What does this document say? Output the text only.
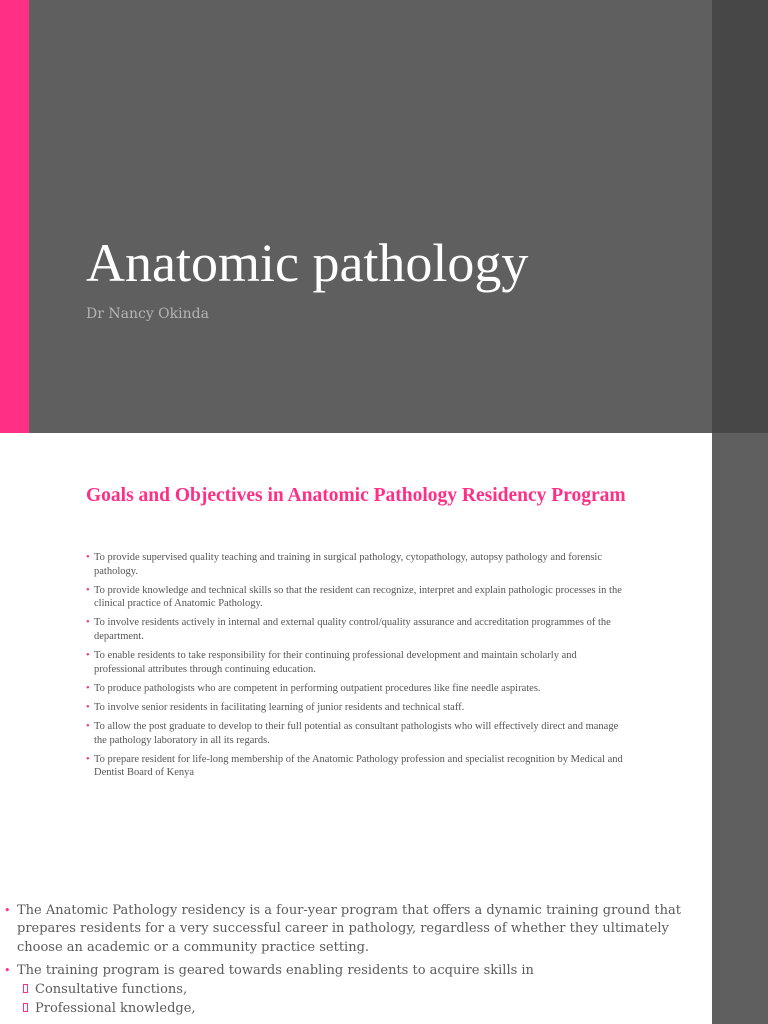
Anatomic pathology
Dr Nancy Okinda
Goals and Objectives in Anatomic Pathology Residency Program
• To provide supervised quality teaching and training in surgical pathology, cytopathology, autopsy pathology and forensic pathology.
• To provide knowledge and technical skills so that the resident can recognize, interpret and explain pathologic processes in the clinical practice of Anatomic Pathology.
• To involve residents actively in internal and external quality control/quality assurance and accreditation programmes of the department.
• To enable residents to take responsibility for their continuing professional development and maintain scholarly and professional attributes through continuing education.
• To produce pathologists who are competent in performing outpatient procedures like fine needle aspirates.
• To involve senior residents in facilitating learning of junior residents and technical staff.
• To allow the post graduate to develop to their full potential as consultant pathologists who will effectively direct and manage the pathology laboratory in all its regards.
• To prepare resident for life-long membership of the Anatomic Pathology profession and specialist recognition by Medical and Dentist Board of Kenya
• The Anatomic Pathology residency is a four-year program that offers a dynamic training ground that prepares residents for a very successful career in pathology, regardless of whether they ultimately choose an academic or a community practice setting.
• The training program is geared towards enabling residents to acquire skills in
Consultative functions,
Professional knowledge,
